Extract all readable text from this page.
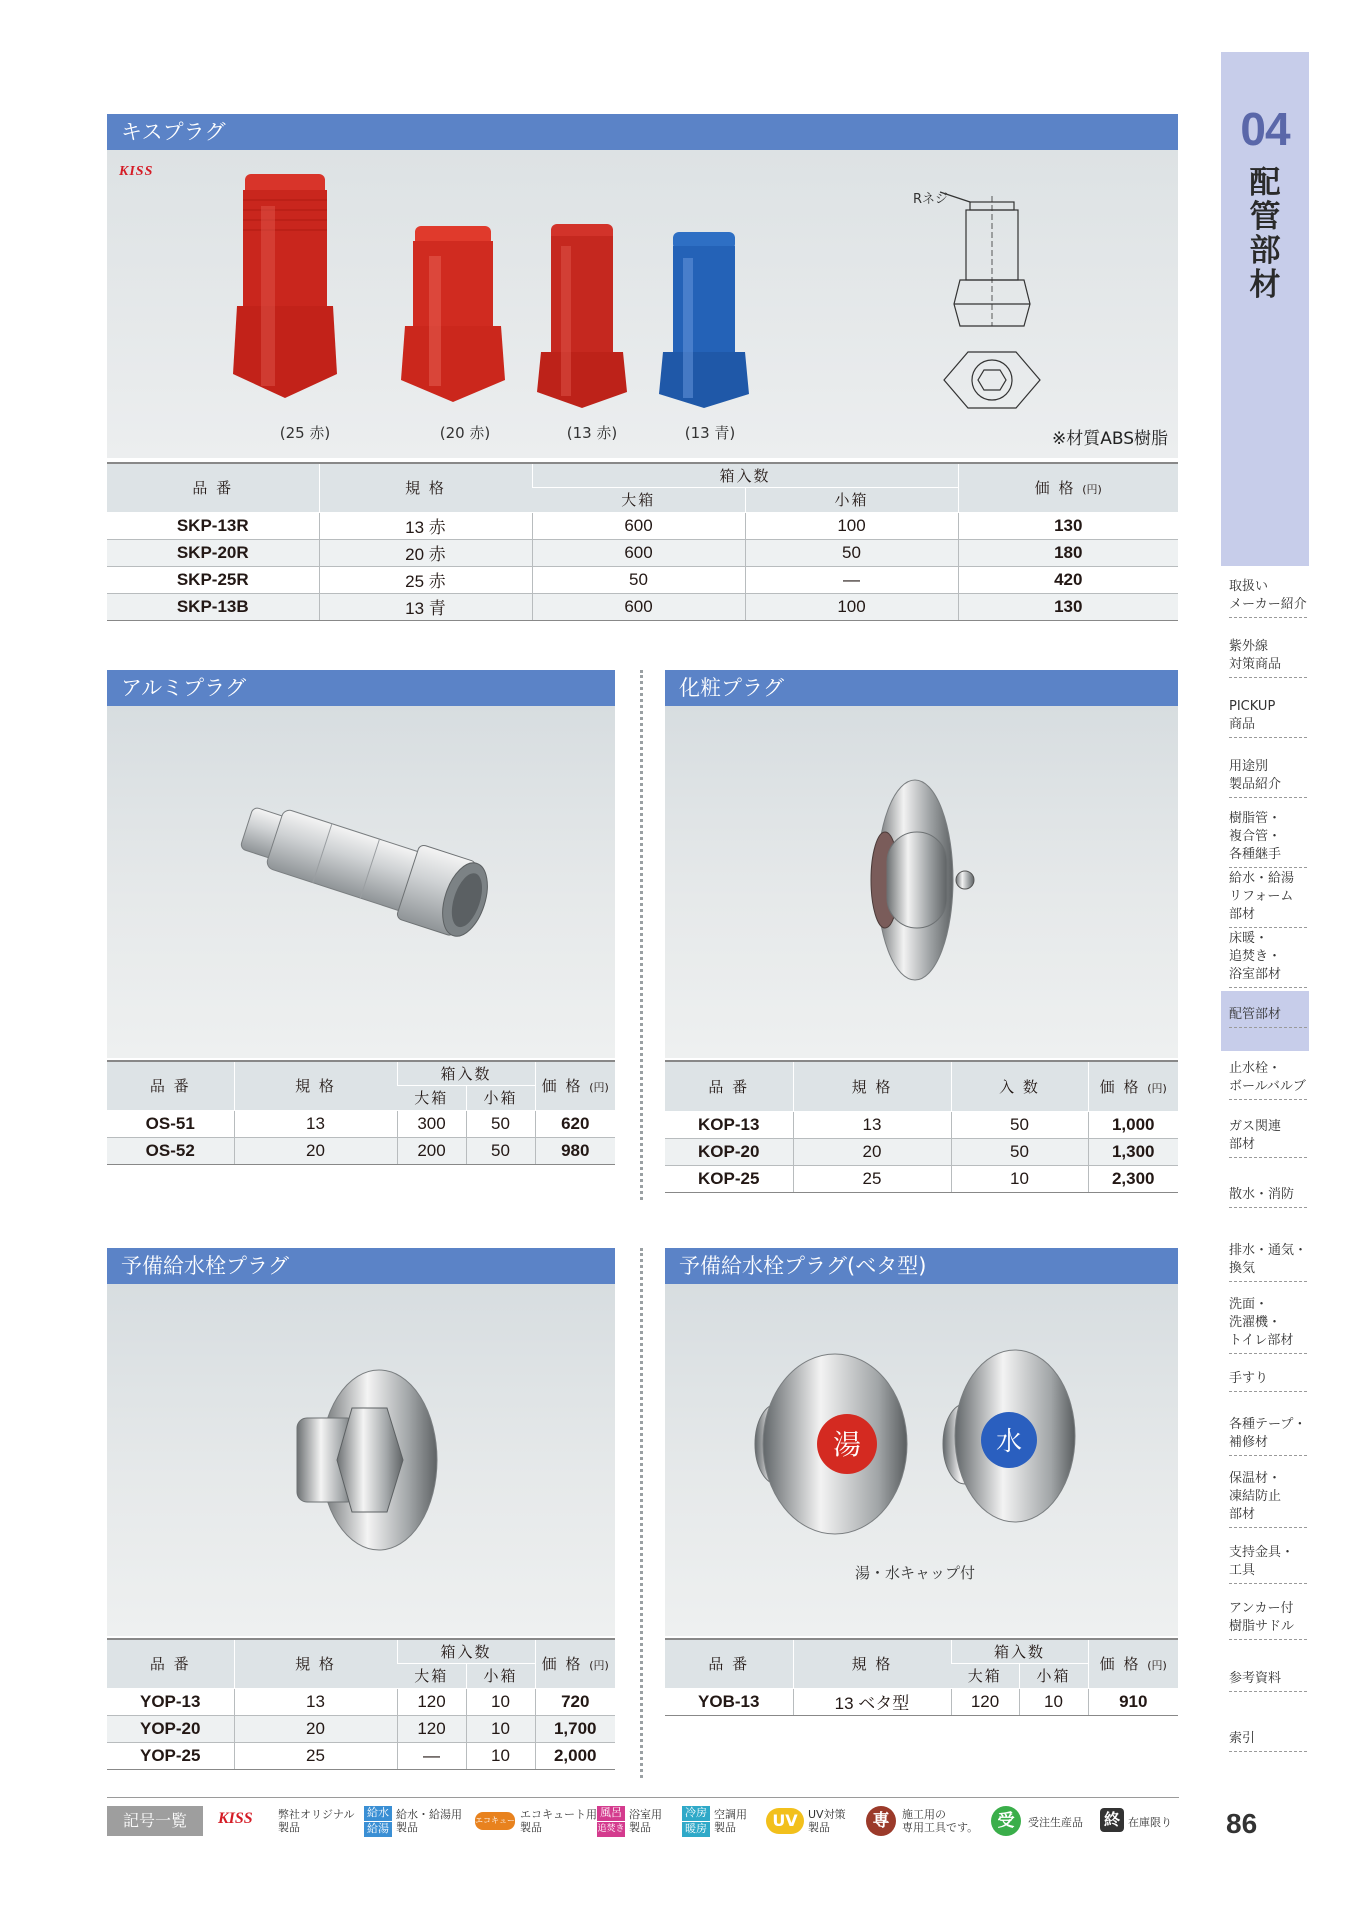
キスプラグ
KISS
(25 赤)	(20 赤)	(13 赤)	(13 青)
Rネジ
※材質ABS樹脂
品 番	規 格	箱入数		価 格 (円)
		大箱	小箱	
SKP-13R	13 赤	600	100	130
SKP-20R	20 赤	600	50	180
SKP-25R	25 赤	50	—	420
SKP-13B	13 青	600	100	130
アルミプラグ
品 番	規 格	箱入数		価 格 (円)
		大箱	小箱	
OS-51	13	300	50	620
OS-52	20	200	50	980
化粧プラグ
品 番	規 格	入 数	価 格 (円)
KOP-13	13	50	1,000
KOP-20	20	50	1,300
KOP-25	25	10	2,300
予備給水栓プラグ
品 番	規 格	箱入数		価 格 (円)
		大箱	小箱	
YOP-13	13	120	10	720
YOP-20	20	120	10	1,700
YOP-25	25	—	10	2,000
予備給水栓プラグ(ベタ型)
湯	水
湯・水キャップ付
品 番	規 格	箱入数		価 格 (円)
		大箱	小箱	
YOB-13	13 ベタ型	120	10	910
04
配管部材
取扱い
メーカー紹介
紫外線
対策商品
PICKUP
商品
用途別
製品紹介
樹脂管・
複合管・
各種継手
給水・給湯
リフォーム
部材
床暖・
追焚き・
浴室部材
配管部材
止水栓・
ボールバルブ
ガス関連
部材
散水・消防
排水・通気・
換気
洗面・
洗濯機・
トイレ部材
手すり
各種テープ・
補修材
保温材・
凍結防止
部材
支持金具・
工具
アンカー付
樹脂サドル
参考資料
索引
記号一覧	KISS 弊社オリジナル
製品
給水
給湯
給水・給湯用
製品
エコキュート
エコキュート用
製品
風呂
追焚き
浴室用
製品
冷房
暖房
空調用
製品	UV UV対策
製品	専	施工用の
専用工具です。	受	受注生産品 終 在庫限り 86
